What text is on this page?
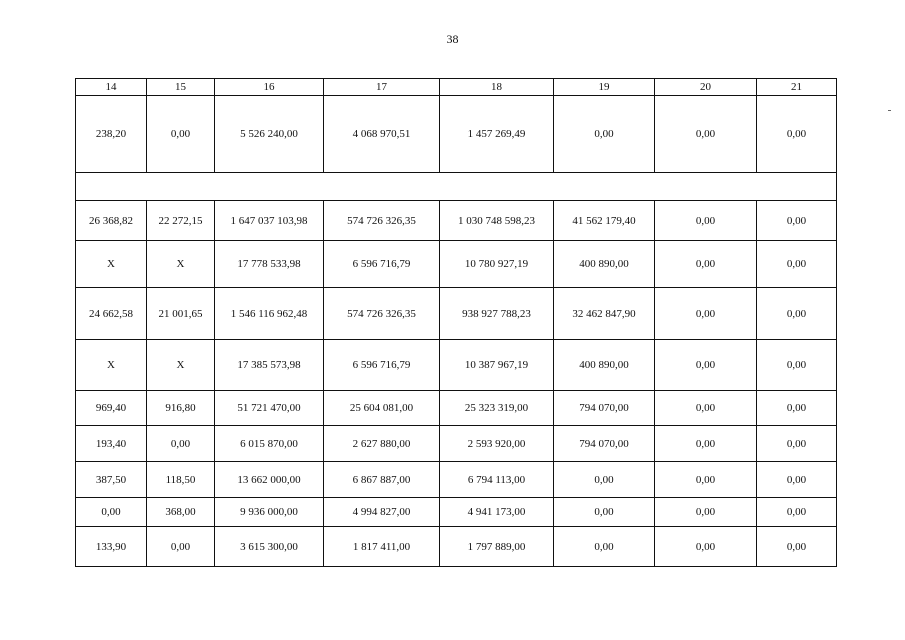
38
14	15	16	17	18	19	20	21
238,20	0,00	5 526 240,00	4 068 970,51	1 457 269,49	0,00	0,00	0,00

26 368,82	22 272,15	1 647 037 103,98	574 726 326,35	1 030 748 598,23	41 562 179,40	0,00	0,00
X	X	17 778 533,98	6 596 716,79	10 780 927,19	400 890,00	0,00	0,00
24 662,58	21 001,65	1 546 116 962,48	574 726 326,35	938 927 788,23	32 462 847,90	0,00	0,00
X	X	17 385 573,98	6 596 716,79	10 387 967,19	400 890,00	0,00	0,00
969,40	916,80	51 721 470,00	25 604 081,00	25 323 319,00	794 070,00	0,00	0,00
193,40	0,00	6 015 870,00	2 627 880,00	2 593 920,00	794 070,00	0,00	0,00
387,50	118,50	13 662 000,00	6 867 887,00	6 794 113,00	0,00	0,00	0,00
0,00	368,00	9 936 000,00	4 994 827,00	4 941 173,00	0,00	0,00	0,00
133,90	0,00	3 615 300,00	1 817 411,00	1 797 889,00	0,00	0,00	0,00
